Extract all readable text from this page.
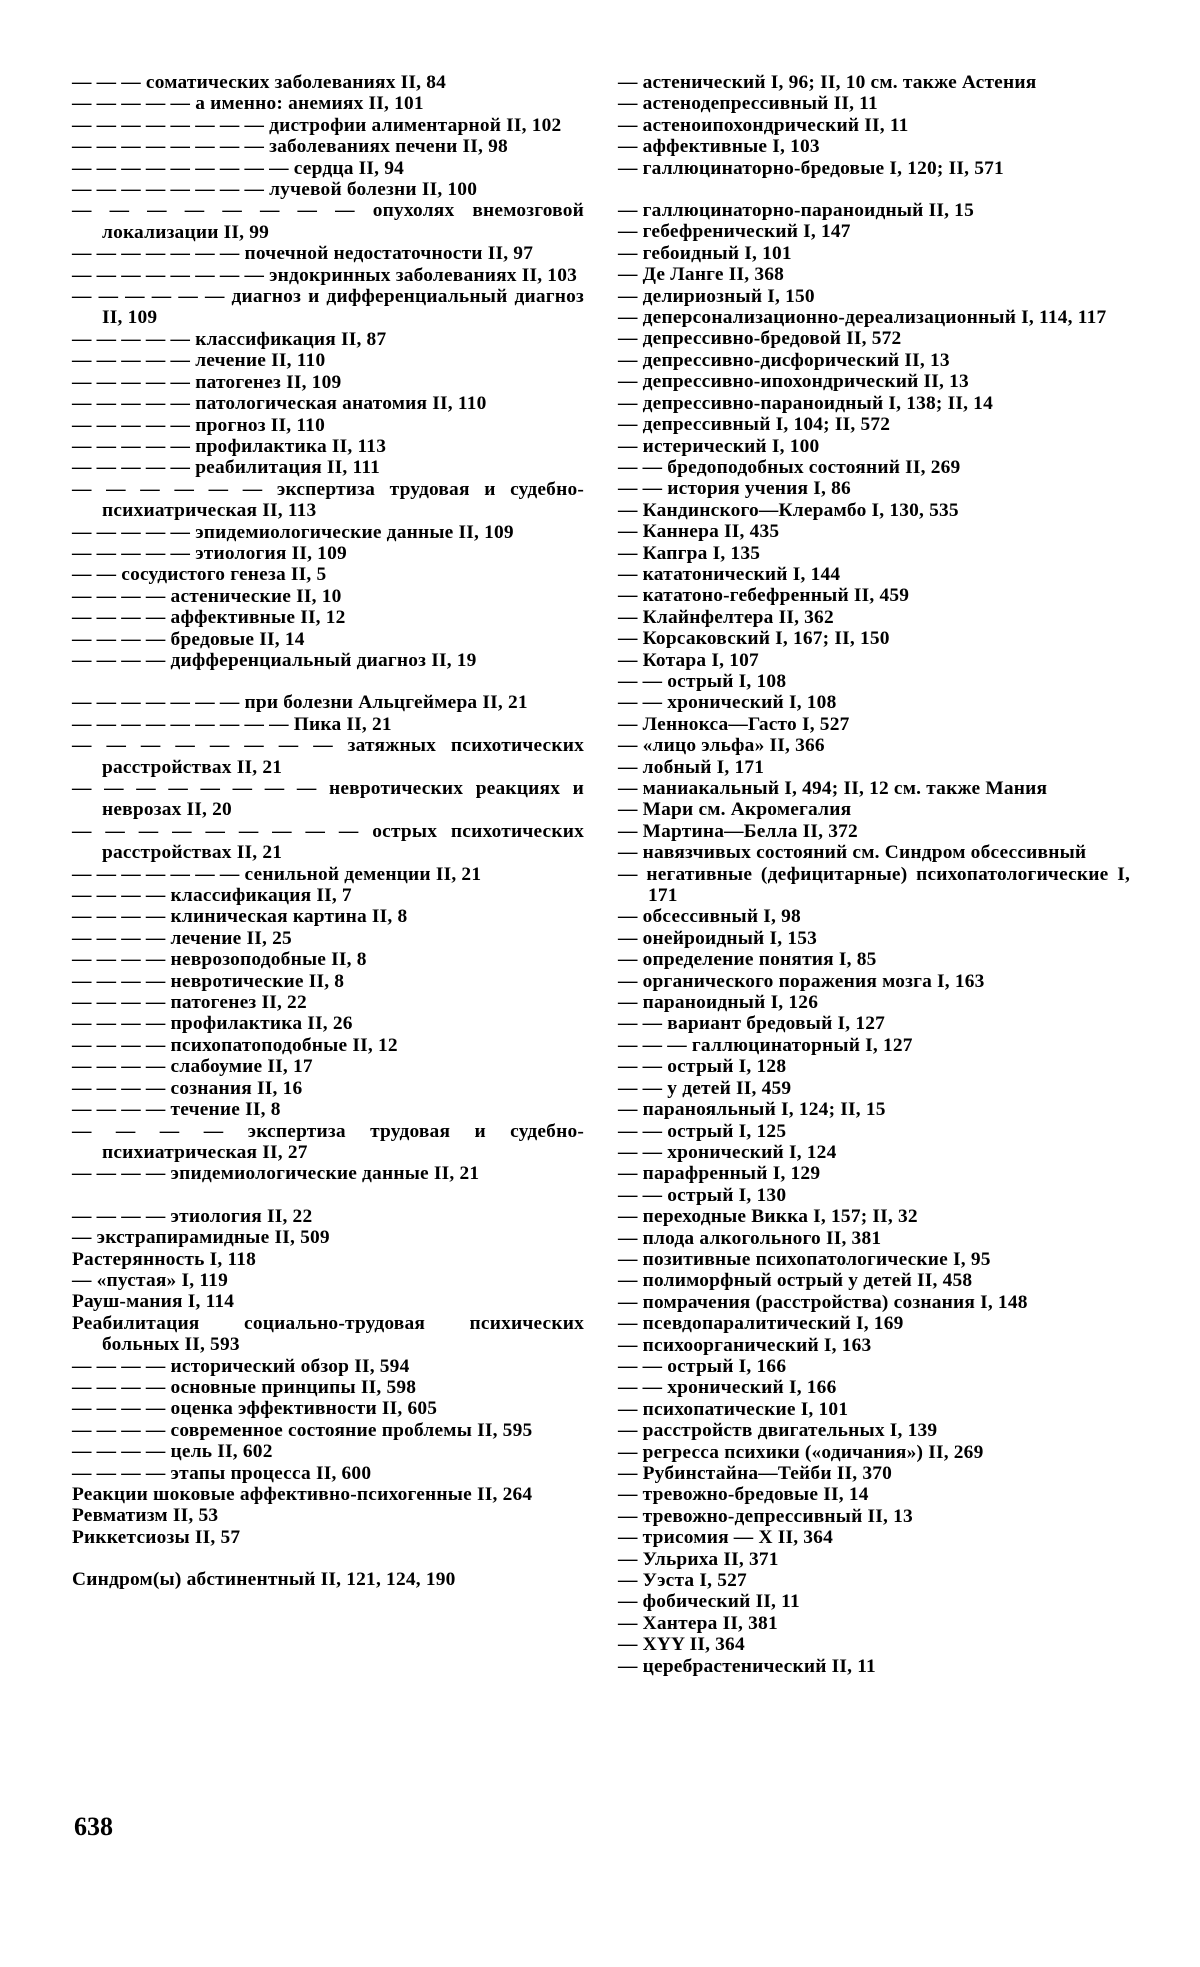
— — — соматических заболеваниях II, 84
— — — — — а именно: анемиях II, 101
— — — — — — — — дистрофии алиментарной II, 102
— — — — — — — — заболеваниях печени II, 98
— — — — — — — — — сердца II, 94
— — — — — — — — лучевой болезни II, 100
— — — — — — — — опухолях внемозговой локализации II, 99
— — — — — — — почечной недостаточности II, 97
— — — — — — — — эндокринных заболеваниях II, 103
— — — — — — диагноз и дифференциальный диагноз II, 109
— — — — — классификация II, 87
— — — — — лечение II, 110
— — — — — патогенез II, 109
— — — — — патологическая анатомия II, 110
— — — — — прогноз II, 110
— — — — — профилактика II, 113
— — — — — реабилитация II, 111
— — — — — — экспертиза трудовая и судебно-психиатрическая II, 113
— — — — — эпидемиологические данные II, 109
— — — — — этиология II, 109
— — сосудистого генеза II, 5
— — — — астенические II, 10
— — — — аффективные II, 12
— — — — бредовые II, 14
— — — — дифференциальный диагноз II, 19
— — — — — — — при болезни Альцгеймера II, 21
— — — — — — — — — Пика II, 21
— — — — — — — — затяжных психотических расстройствах II, 21
— — — — — — — — невротических реакциях и неврозах II, 20
— — — — — — — — — острых психотических расстройствах II, 21
— — — — — — — сенильной деменции II, 21
— — — — классификация II, 7
— — — — клиническая картина II, 8
— — — — лечение II, 25
— — — — неврозоподобные II, 8
— — — — невротические II, 8
— — — — патогенез II, 22
— — — — профилактика II, 26
— — — — психопатоподобные II, 12
— — — — слабоумие II, 17
— — — — сознания II, 16
— — — — течение II, 8
— — — — экспертиза трудовая и судебно-психиатрическая II, 27
— — — — эпидемиологические данные II, 21
— — — — этиология II, 22
— экстрапирамидные II, 509
Растерянность I, 118
— «пустая» I, 119
Рауш-мания I, 114
Реабилитация социально-трудовая психических больных II, 593
— — — — исторический обзор II, 594
— — — — основные принципы II, 598
— — — — оценка эффективности II, 605
— — — — современное состояние проблемы II, 595
— — — — цель II, 602
— — — — этапы процесса II, 600
Реакции шоковые аффективно-психогенные II, 264
Ревматизм II, 53
Риккетсиозы II, 57
Синдром(ы) абстинентный II, 121, 124, 190
— астенический I, 96; II, 10 см. также Астения
— астенодепрессивный II, 11
— астеноипохондрический II, 11
— аффективные I, 103
— галлюцинаторно-бредовые I, 120; II, 571
— галлюцинаторно-параноидный II, 15
— гебефренический I, 147
— гебоидный I, 101
— Де Ланге II, 368
— делириозный I, 150
— деперсонализационно-дереализационный I, 114, 117
— депрессивно-бредовой II, 572
— депрессивно-дисфорический II, 13
— депрессивно-ипохондрический II, 13
— депрессивно-параноидный I, 138; II, 14
— депрессивный I, 104; II, 572
— истерический I, 100
— — бредоподобных состояний II, 269
— — история учения I, 86
— Кандинского—Клерамбо I, 130, 535
— Каннера II, 435
— Капгра I, 135
— кататонический I, 144
— кататоно-гебефренный II, 459
— Клайнфелтера II, 362
— Корсаковский I, 167; II, 150
— Котара I, 107
— — острый I, 108
— — хронический I, 108
— Леннокса—Гасто I, 527
— «лицо эльфа» II, 366
— лобный I, 171
— маниакальный I, 494; II, 12 см. также Мания
— Мари см. Акромегалия
— Мартина—Белла II, 372
— навязчивых состояний см. Синдром обсессивный
— негативные (дефицитарные) психопатологические I, 171
— обсессивный I, 98
— онейроидный I, 153
— определение понятия I, 85
— органического поражения мозга I, 163
— параноидный I, 126
— — вариант бредовый I, 127
— — — галлюцинаторный I, 127
— — острый I, 128
— — у детей II, 459
— паранояльный I, 124; II, 15
— — острый I, 125
— — хронический I, 124
— парафренный I, 129
— — острый I, 130
— переходные Викка I, 157; II, 32
— плода алкогольного II, 381
— позитивные психопатологические I, 95
— полиморфный острый у детей II, 458
— помрачения (расстройства) сознания I, 148
— псевдопаралитический I, 169
— психоорганический I, 163
— — острый I, 166
— — хронический I, 166
— психопатические I, 101
— расстройств двигательных I, 139
— регресса психики («одичания») II, 269
— Рубинстайна—Тейби II, 370
— тревожно-бредовые II, 14
— тревожно-депрессивный II, 13
— трисомия — X II, 364
— Ульриха II, 371
— Уэста I, 527
— фобический II, 11
— Хантера II, 381
— XYY II, 364
— церебрастенический II, 11
638
